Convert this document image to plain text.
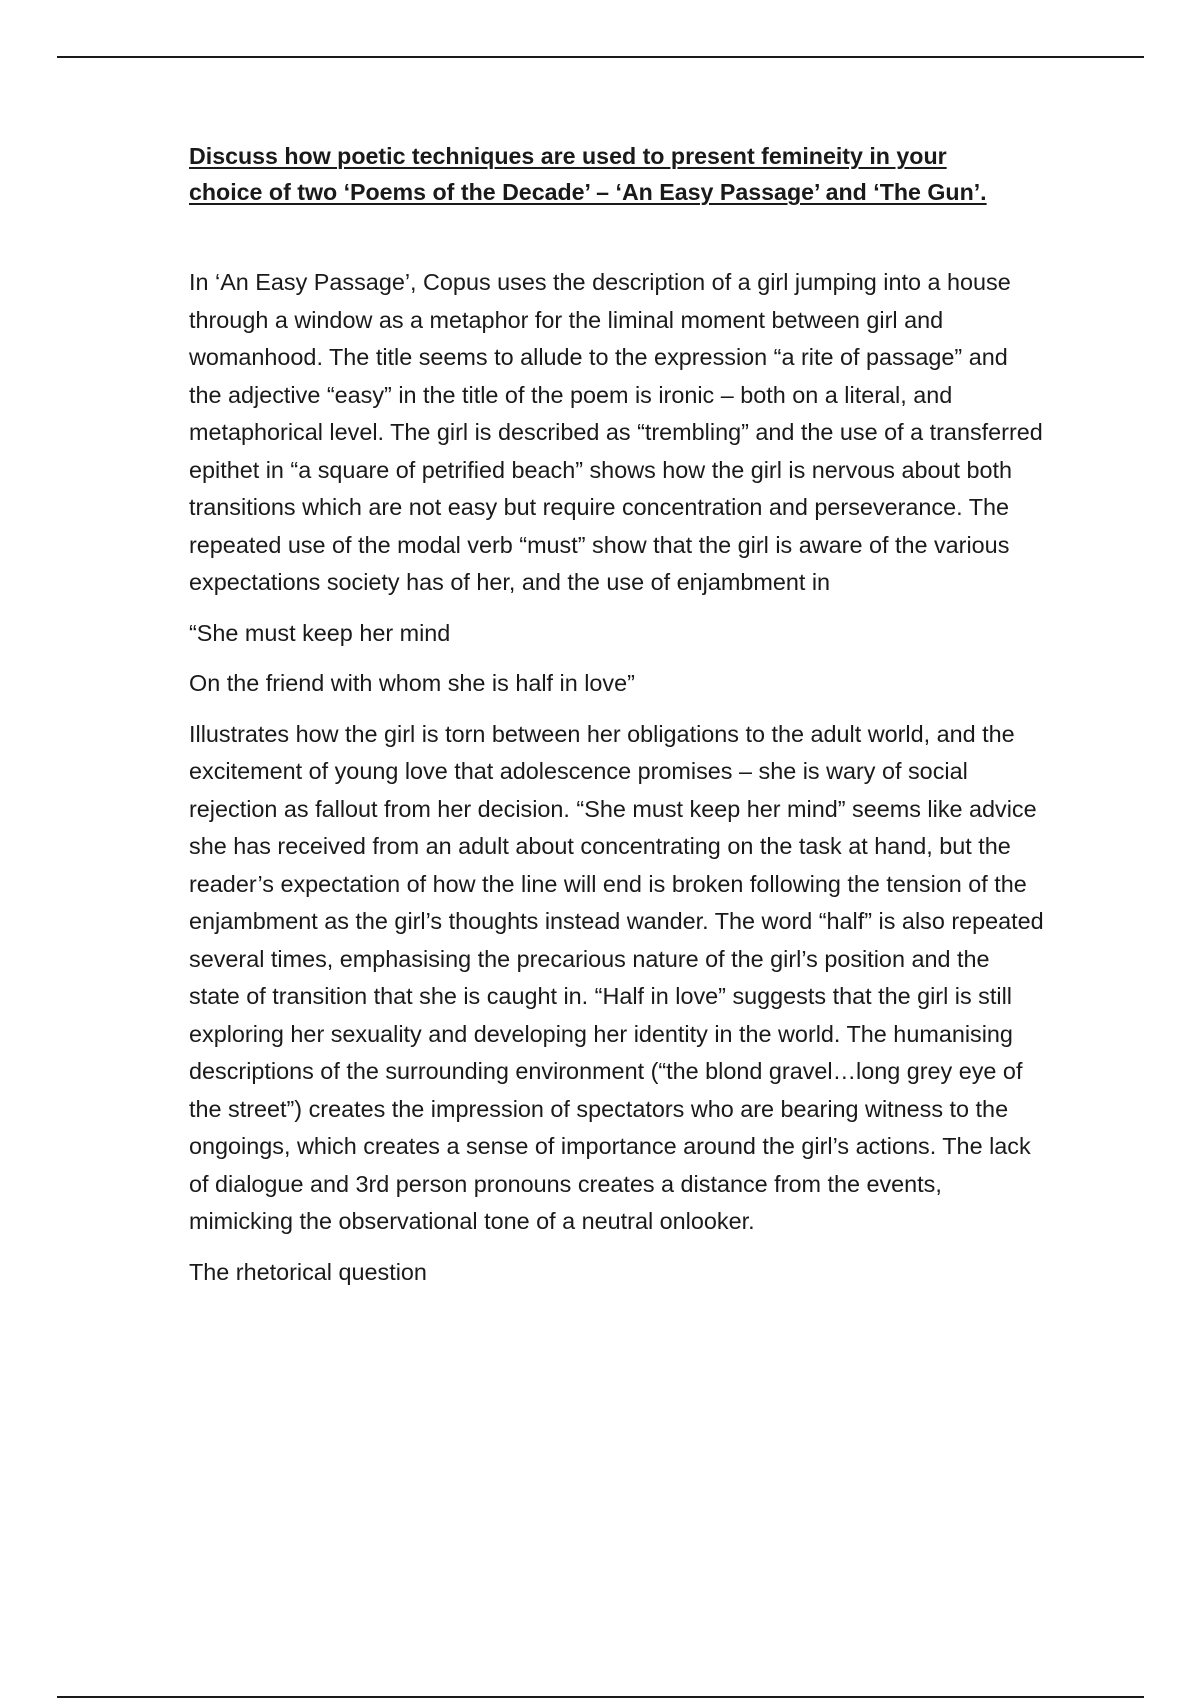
Discuss how poetic techniques are used to present femineity in your
choice of two ‘Poems of the Decade’ – ‘An Easy Passage’ and ‘The Gun’.

In ‘An Easy Passage’, Copus uses the description of a girl jumping into a house through a window as a metaphor for the liminal moment between girl and womanhood. The title seems to allude to the expression “a rite of passage” and the adjective “easy” in the title of the poem is ironic – both on a literal, and metaphorical level. The girl is described as “trembling” and the use of a transferred epithet in “a square of petrified beach” shows how the girl is nervous about both transitions which are not easy but require concentration and perseverance. The repeated use of the modal verb “must” show that the girl is aware of the various expectations society has of her, and the use of enjambment in

“She must keep her mind

On the friend with whom she is half in love”

Illustrates how the girl is torn between her obligations to the adult world, and the excitement of young love that adolescence promises – she is wary of social rejection as fallout from her decision. “She must keep her mind” seems like advice she has received from an adult about concentrating on the task at hand, but the reader’s expectation of how the line will end is broken following the tension of the enjambment as the girl’s thoughts instead wander. The word “half” is also repeated several times, emphasising the precarious nature of the girl’s position and the state of transition that she is caught in. “Half in love” suggests that the girl is still exploring her sexuality and developing her identity in the world. The humanising descriptions of the surrounding environment (“the blond gravel…long grey eye of the street”) creates the impression of spectators who are bearing witness to the ongoings, which creates a sense of importance around the girl’s actions. The lack of dialogue and 3rd person pronouns creates a distance from the events, mimicking the observational tone of a neutral onlooker.

The rhetorical question
